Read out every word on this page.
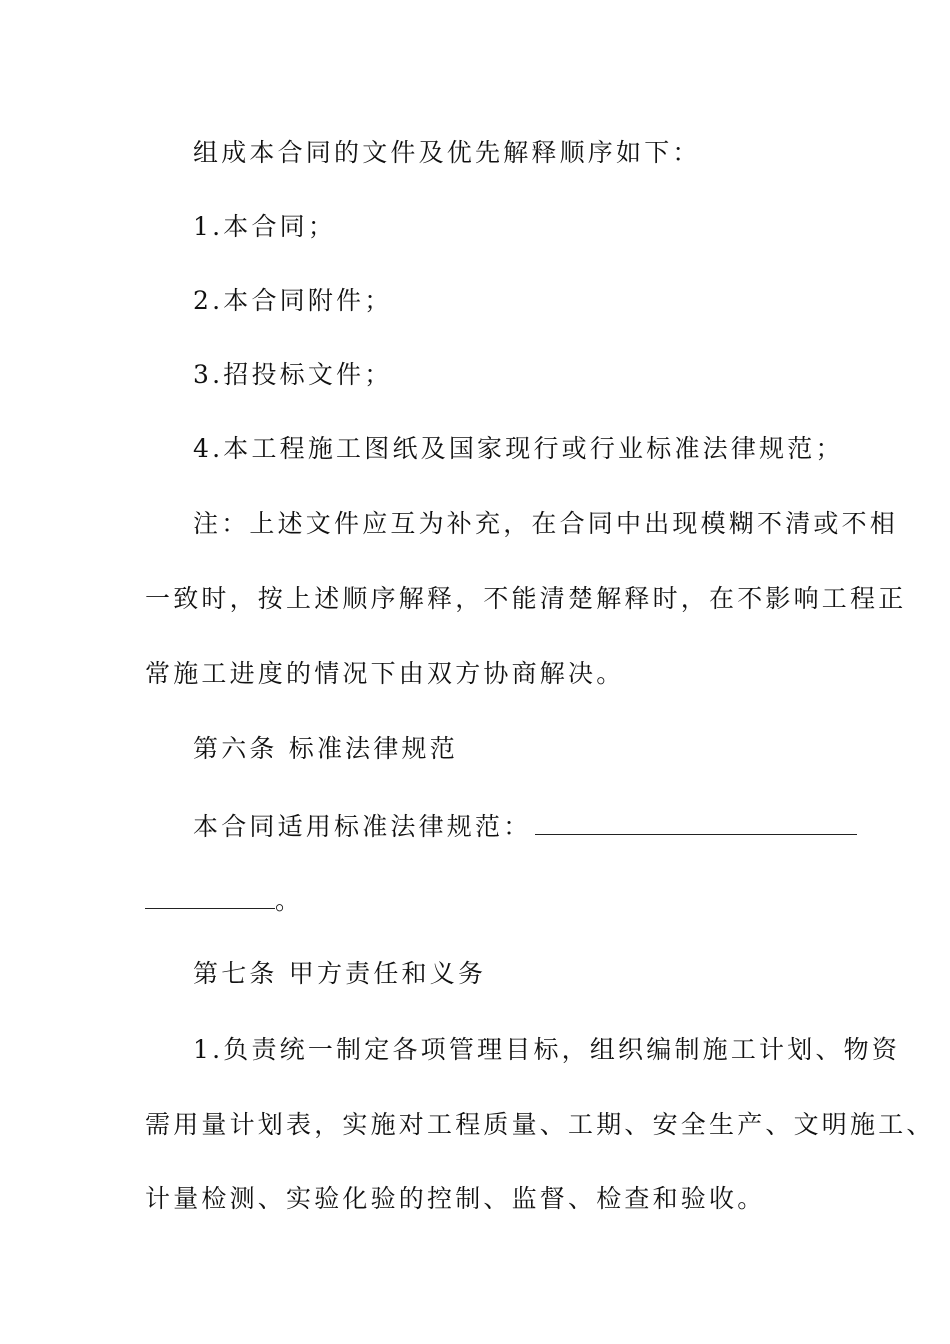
组成本合同的文件及优先解释顺序如下：
1.本合同；
2.本合同附件；
3.招投标文件；
4.本工程施工图纸及国家现行或行业标准法律规范；
注：上述文件应互为补充，在合同中出现模糊不清或不相
一致时，按上述顺序解释，不能清楚解释时，在不影响工程正
常施工进度的情况下由双方协商解决。
第六条 标准法律规范
本合同适用标准法律规范：
。
第七条 甲方责任和义务
1.负责统一制定各项管理目标，组织编制施工计划、物资
需用量计划表，实施对工程质量、工期、安全生产、文明施工、
计量检测、实验化验的控制、监督、检查和验收。
